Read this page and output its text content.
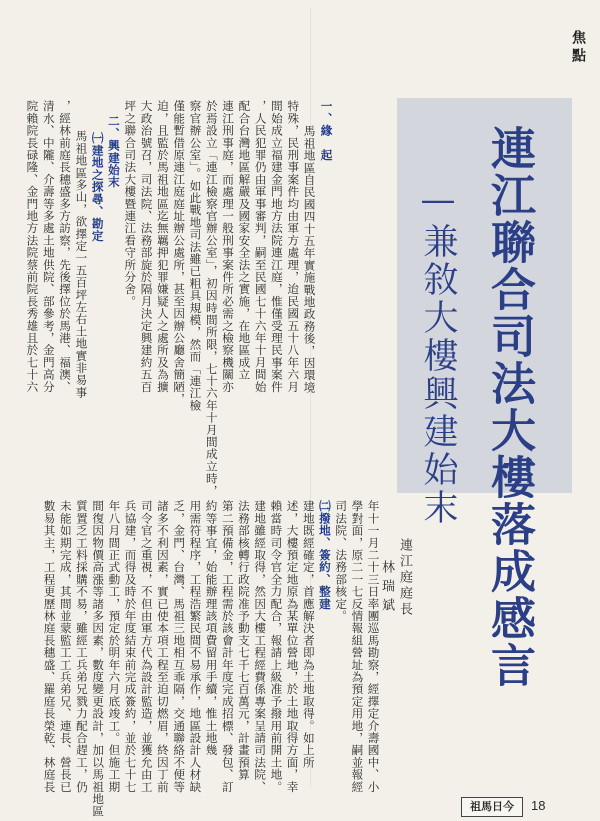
焦點
連江聯合司法大樓落成感言
—兼敘大樓興建始末
連江庭庭長
林瑞斌
年十一月二十三日率團巡馬勘察，經擇定介壽國中、小
學對面，原二一七反情報組營址為預定用地，嗣並報經
司法院、法務部核定。
㈡撥地、簽約、整建
建地既經確定，首應解決者即為土地取得。如上所
述，大樓預定地原為某單位營地，於土地取得方面，幸
賴當時司令官全力配合，報請上級准予撥用前開土地。
建地雖經取得，然因大樓工程經費係專案呈請司法院、
法務部核轉行政院准予動支七千七百萬元，計畫預算
第二預備金，工程需於該會計年度完成招標、發包、訂
約等事宜，始能辦理該項費留用手續，惟土地幾
用需符程序，工程浩繁民間不易承作，地區設計人材缺
乏，金門、台灣、馬祖三地相互乖隔，交通聯絡不便等
諸多不利因素，實已使本項工程至迫切燃眉，終因丁前
司令官之重視，不但由軍方代為設計監造，並獲允由工
兵協建，而得及時於年度結束前完成簽約，並於七十七
年八月間正式動工，預定於明年六月底竣工。但施工期
間復因物價高漲等諸多因素，數度變更設計，加以馬祖地區
質置乏工料採購不易，雖經工兵弟兄戮力配合趕工，仍
未能如期完成，其間並蒙監工工兵弟兄、連長、營長已
數易其主，工程更歷林庭長穗盛、羅庭長榮乾、林庭長
馬祖地區自民國四十五年實施戰地政務後，因環境
特殊，民刑事案件均由軍方處理，迨民國五十八年六月
間始成立福建金門地方法院連江庭，惟僅受理民事案件
，人民犯罪仍由軍事審判，嗣至民國七十六年十月間始
配合台灣地區解嚴及國家安全法之實施，在地區成立
連江刑事庭，而處理一般刑事案件所必需之檢察機關亦
於焉設立「連江檢察官辦公室」，初因時間所限，七十六年十月間成立時，
察官辦公室」。如此戰地司法雖已粗具規模，然而「連江檢
僅能暫借原連江庭庭址辦公處所，甚至因辦公廳舍簡陋，
迫，且監於馬祖地區迄無羈押犯罪嫌疑人之處所及為擴
大政治號召，司法院、法務部旋於隔月決定興建約五百
坪之聯合司法大樓暨連江看守所分舍。
二、興建始末
㈠建地之探尋、勘定
馬祖地區多山，欲擇定一五百坪左右土地實非易事
，經林前庭長穗盛多方訪察，先後擇位於馬港、福澳、
清水、中隴、介壽等多處土地供院、部參考，金門高分
院賴院長碌隆、金門地方法院蔡前院長秀雄且於七十六
祖馬日今	18
一、緣　起
